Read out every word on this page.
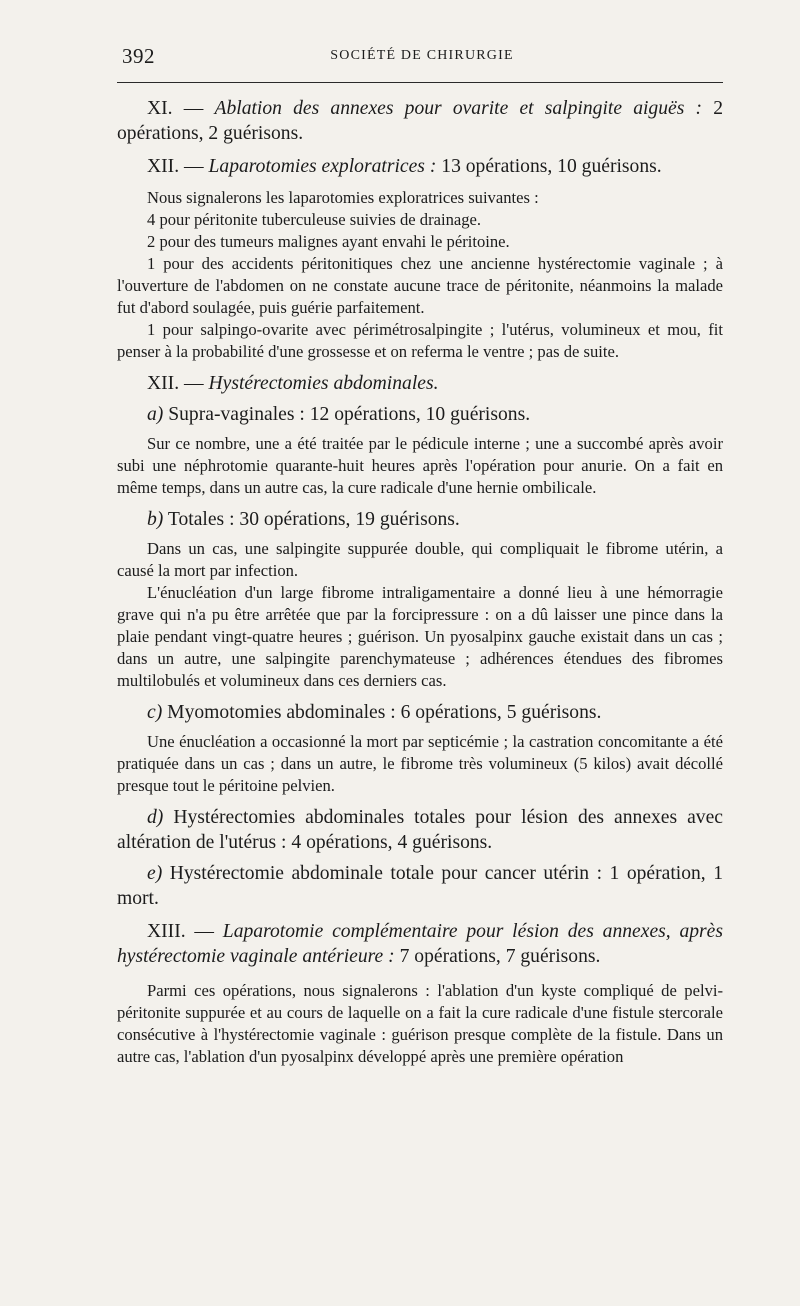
392	SOCIÉTÉ DE CHIRURGIE

XI. — Ablation des annexes pour ovarite et salpingite aiguës : 2 opérations, 2 guérisons.

XII. — Laparotomies exploratrices : 13 opérations, 10 guérisons.

Nous signalerons les laparotomies exploratrices suivantes :

4 pour péritonite tuberculeuse suivies de drainage.

2 pour des tumeurs malignes ayant envahi le péritoine.

1 pour des accidents péritonitiques chez une ancienne hystérectomie vaginale ; à l'ouverture de l'abdomen on ne constate aucune trace de péritonite, néanmoins la malade fut d'abord soulagée, puis guérie parfaitement.

1 pour salpingo-ovarite avec périmétrosalpingite ; l'utérus, volumineux et mou, fit penser à la probabilité d'une grossesse et on referma le ventre ; pas de suite.

XII. — Hystérectomies abdominales.

a) Supra-vaginales : 12 opérations, 10 guérisons.

Sur ce nombre, une a été traitée par le pédicule interne ; une a succombé après avoir subi une néphrotomie quarante-huit heures après l'opération pour anurie. On a fait en même temps, dans un autre cas, la cure radicale d'une hernie ombilicale.

b) Totales : 30 opérations, 19 guérisons.

Dans un cas, une salpingite suppurée double, qui compliquait le fibrome utérin, a causé la mort par infection.

L'énucléation d'un large fibrome intraligamentaire a donné lieu à une hémorragie grave qui n'a pu être arrêtée que par la forcipressure : on a dû laisser une pince dans la plaie pendant vingt-quatre heures ; guérison. Un pyosalpinx gauche existait dans un cas ; dans un autre, une salpingite parenchymateuse ; adhérences étendues des fibromes multilobulés et volumineux dans ces derniers cas.

c) Myomotomies abdominales : 6 opérations, 5 guérisons.

Une énucléation a occasionné la mort par septicémie ; la castration concomitante a été pratiquée dans un cas ; dans un autre, le fibrome très volumineux (5 kilos) avait décollé presque tout le péritoine pelvien.

d) Hystérectomies abdominales totales pour lésion des annexes avec altération de l'utérus : 4 opérations, 4 guérisons.

e) Hystérectomie abdominale totale pour cancer utérin : 1 opération, 1 mort.

XIII. — Laparotomie complémentaire pour lésion des annexes, après hystérectomie vaginale antérieure : 7 opérations, 7 guérisons.

Parmi ces opérations, nous signalerons : l'ablation d'un kyste compliqué de pelvi-péritonite suppurée et au cours de laquelle on a fait la cure radicale d'une fistule stercorale consécutive à l'hystérectomie vaginale : guérison presque complète de la fistule. Dans un autre cas, l'ablation d'un pyosalpinx développé après une première opération
